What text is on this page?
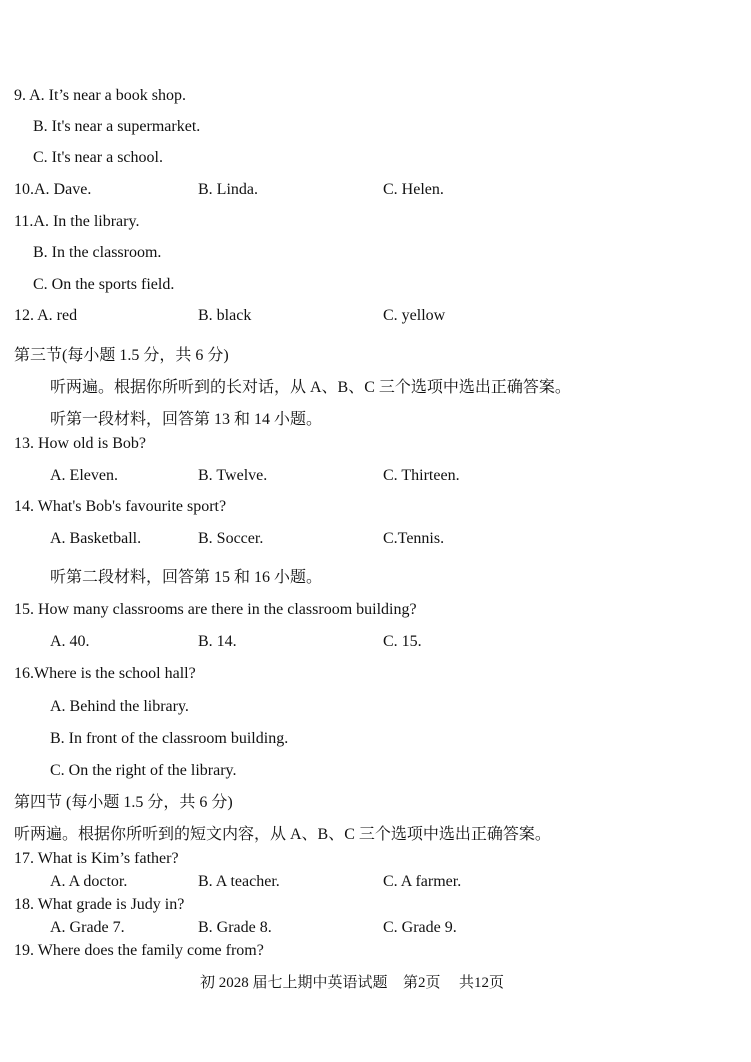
9. A. It’s near a book shop.
B. It's near a supermarket.
C. It's near a school.
10.A. Dave.	B. Linda.	C. Helen.
11.A. In the library.
B. In the classroom.
C. On the sports field.
12. A. red	B. black	C. yellow
第三节(每小题 1.5 分，共 6 分)
听两遍。根据你所听到的长对话，从 A、B、C 三个选项中选出正确答案。
听第一段材料，回答第 13 和 14 小题。
13. How old is Bob?
A. Eleven.	B. Twelve.	C. Thirteen.
14. What's Bob's favourite sport?
A. Basketball.	B. Soccer.	C.Tennis.
听第二段材料，回答第 15 和 16 小题。
15. How many classrooms are there in the classroom building?
A. 40.	B. 14.	C. 15.
16.Where is the school hall?
A. Behind the library.
B. In front of the classroom building.
C. On the right of the library.
第四节 (每小题 1.5 分，共 6 分)
听两遍。根据你所听到的短文内容，从 A、B、C 三个选项中选出正确答案。
17. What is Kim’s father?
A. A doctor.	B. A teacher.	C. A farmer.
18. What grade is Judy in?
A. Grade 7.	B. Grade 8.	C. Grade 9.
19. Where does the family come from?
初 2028 届七上期中英语试题 第2页 共12页
